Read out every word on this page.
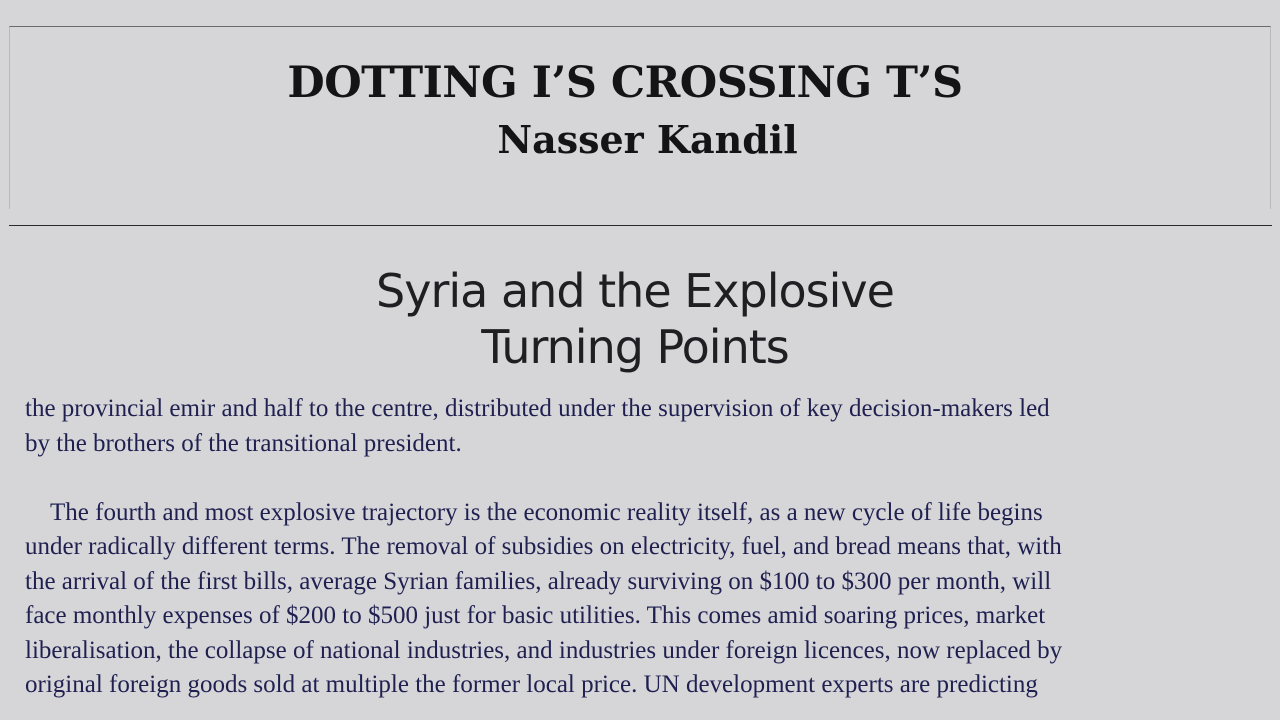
DOTTING I’S CROSSING T’S
Nasser Kandil
Syria and the Explosive
Turning Points

the provincial emir and half to the centre, distributed under the supervision of key decision-makers led
by the brothers of the transitional president.

The fourth and most explosive trajectory is the economic reality itself, as a new cycle of life begins
under radically different terms. The removal of subsidies on electricity, fuel, and bread means that, with
the arrival of the first bills, average Syrian families, already surviving on $100 to $300 per month, will
face monthly expenses of $200 to $500 just for basic utilities. This comes amid soaring prices, market
liberalisation, the collapse of national industries, and industries under foreign licences, now replaced by
original foreign goods sold at multiple the former local price. UN development experts are predicting
